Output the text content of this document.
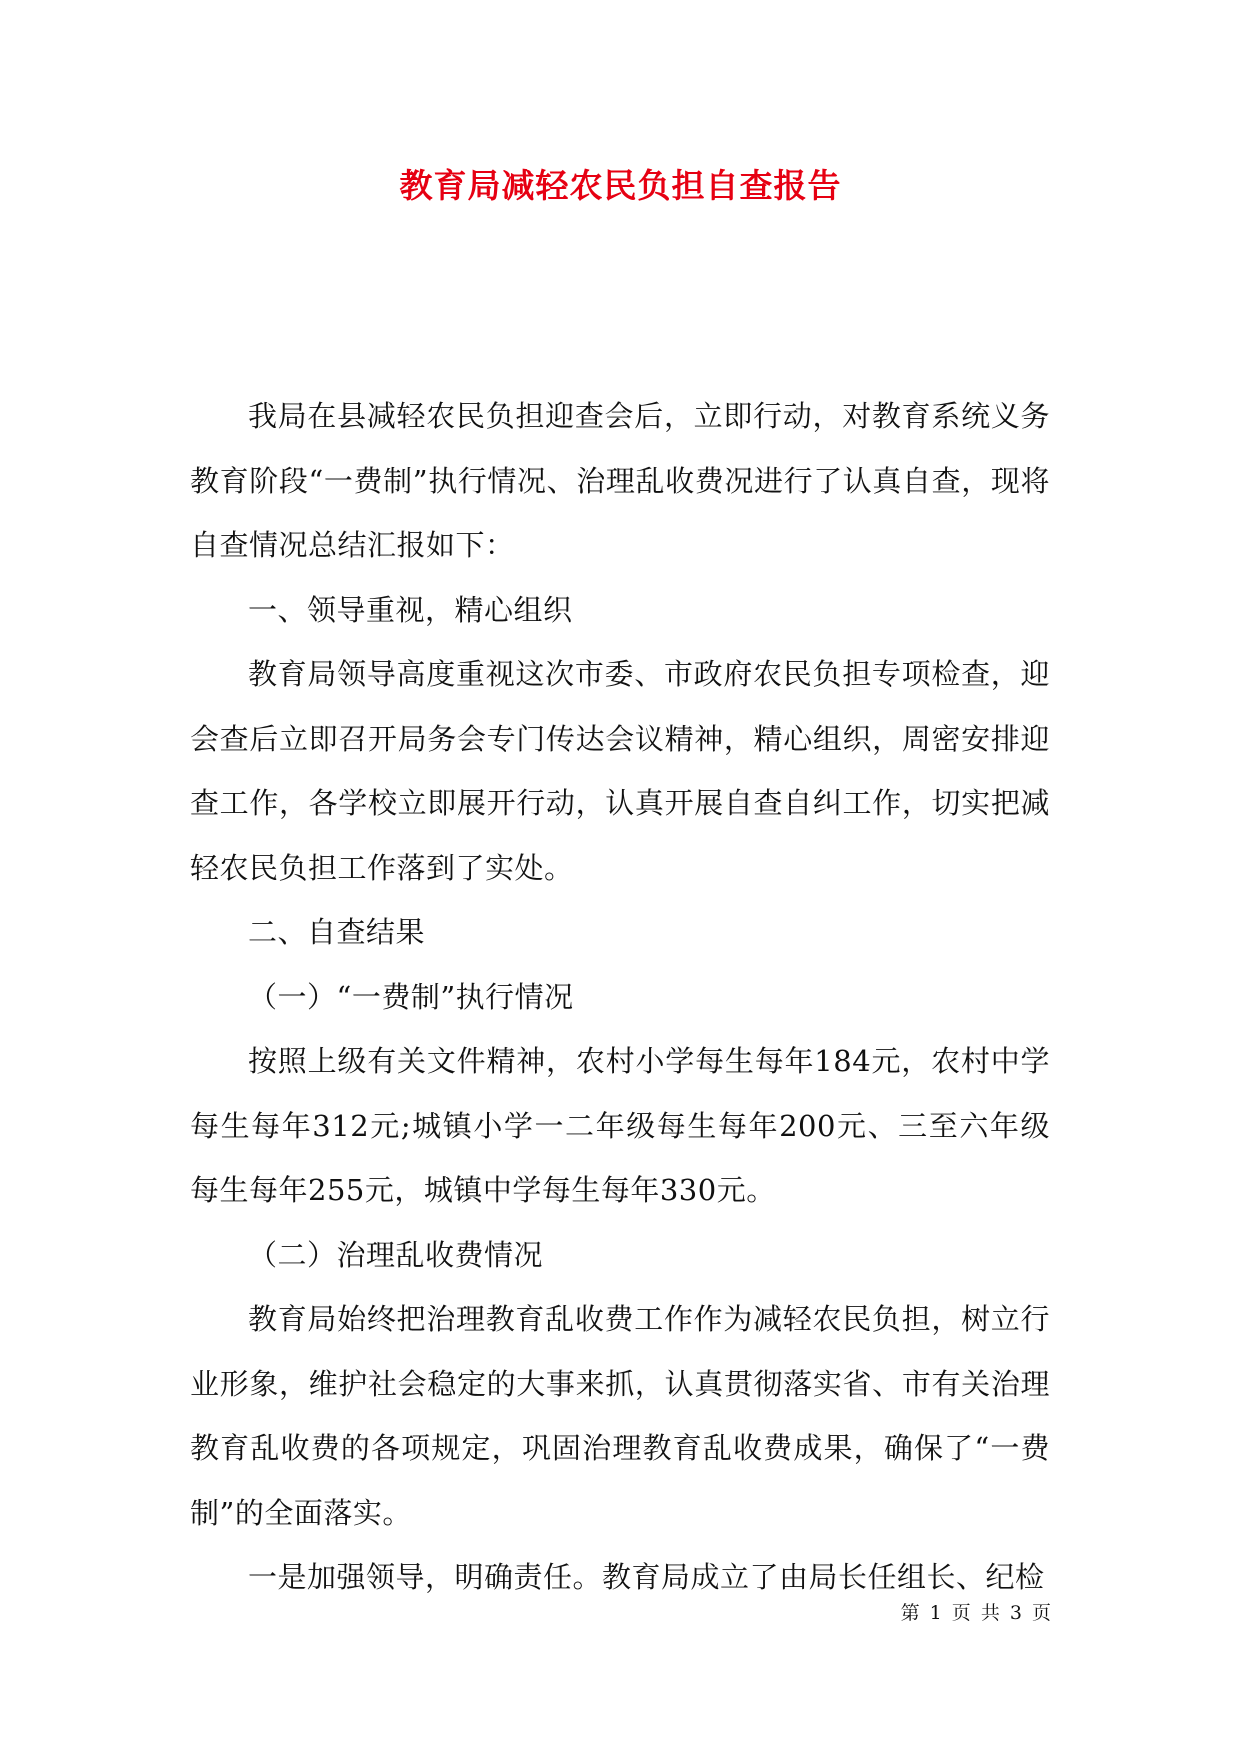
教育局减轻农民负担自查报告

我局在县减轻农民负担迎查会后，立即行动，对教育系统义务教育阶段“一费制”执行情况、治理乱收费况进行了认真自查，现将自查情况总结汇报如下：

一、领导重视，精心组织

教育局领导高度重视这次市委、市政府农民负担专项检查，迎会查后立即召开局务会专门传达会议精神，精心组织，周密安排迎查工作，各学校立即展开行动，认真开展自查自纠工作，切实把减轻农民负担工作落到了实处。

二、自查结果

（一）“一费制”执行情况

按照上级有关文件精神，农村小学每生每年184元，农村中学每生每年312元;城镇小学一二年级每生每年200元、三至六年级每生每年255元，城镇中学每生每年330元。

（二）治理乱收费情况

教育局始终把治理教育乱收费工作作为减轻农民负担，树立行业形象，维护社会稳定的大事来抓，认真贯彻落实省、市有关治理教育乱收费的各项规定，巩固治理教育乱收费成果，确保了“一费制”的全面落实。

一是加强领导，明确责任。教育局成立了由局长任组长、纪检

第 1 页 共 3 页
